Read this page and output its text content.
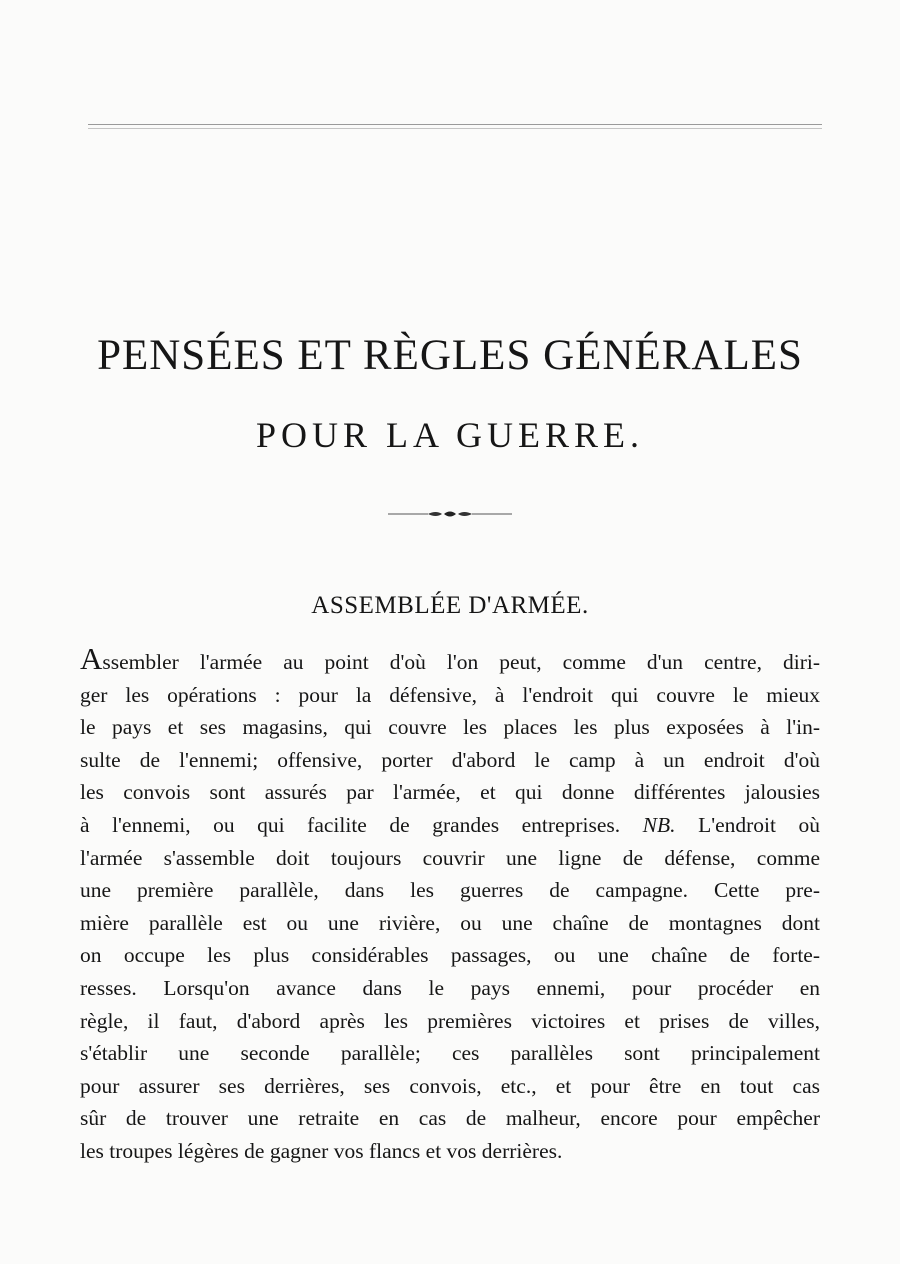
PENSÉES ET RÈGLES GÉNÉRALES
POUR LA GUERRE.
ASSEMBLÉE D'ARMÉE.
Assembler l'armée au point d'où l'on peut, comme d'un centre, diri-
ger les opérations : pour la défensive, à l'endroit qui couvre le mieux
le pays et ses magasins, qui couvre les places les plus exposées à l'in-
sulte de l'ennemi; offensive, porter d'abord le camp à un endroit d'où
les convois sont assurés par l'armée, et qui donne différentes jalousies
à l'ennemi, ou qui facilite de grandes entreprises. NB. L'endroit où
l'armée s'assemble doit toujours couvrir une ligne de défense, comme
une première parallèle, dans les guerres de campagne. Cette pre-
mière parallèle est ou une rivière, ou une chaîne de montagnes dont
on occupe les plus considérables passages, ou une chaîne de forte-
resses. Lorsqu'on avance dans le pays ennemi, pour procéder en
règle, il faut, d'abord après les premières victoires et prises de villes,
s'établir une seconde parallèle; ces parallèles sont principalement
pour assurer ses derrières, ses convois, etc., et pour être en tout cas
sûr de trouver une retraite en cas de malheur, encore pour empêcher
les troupes légères de gagner vos flancs et vos derrières.
